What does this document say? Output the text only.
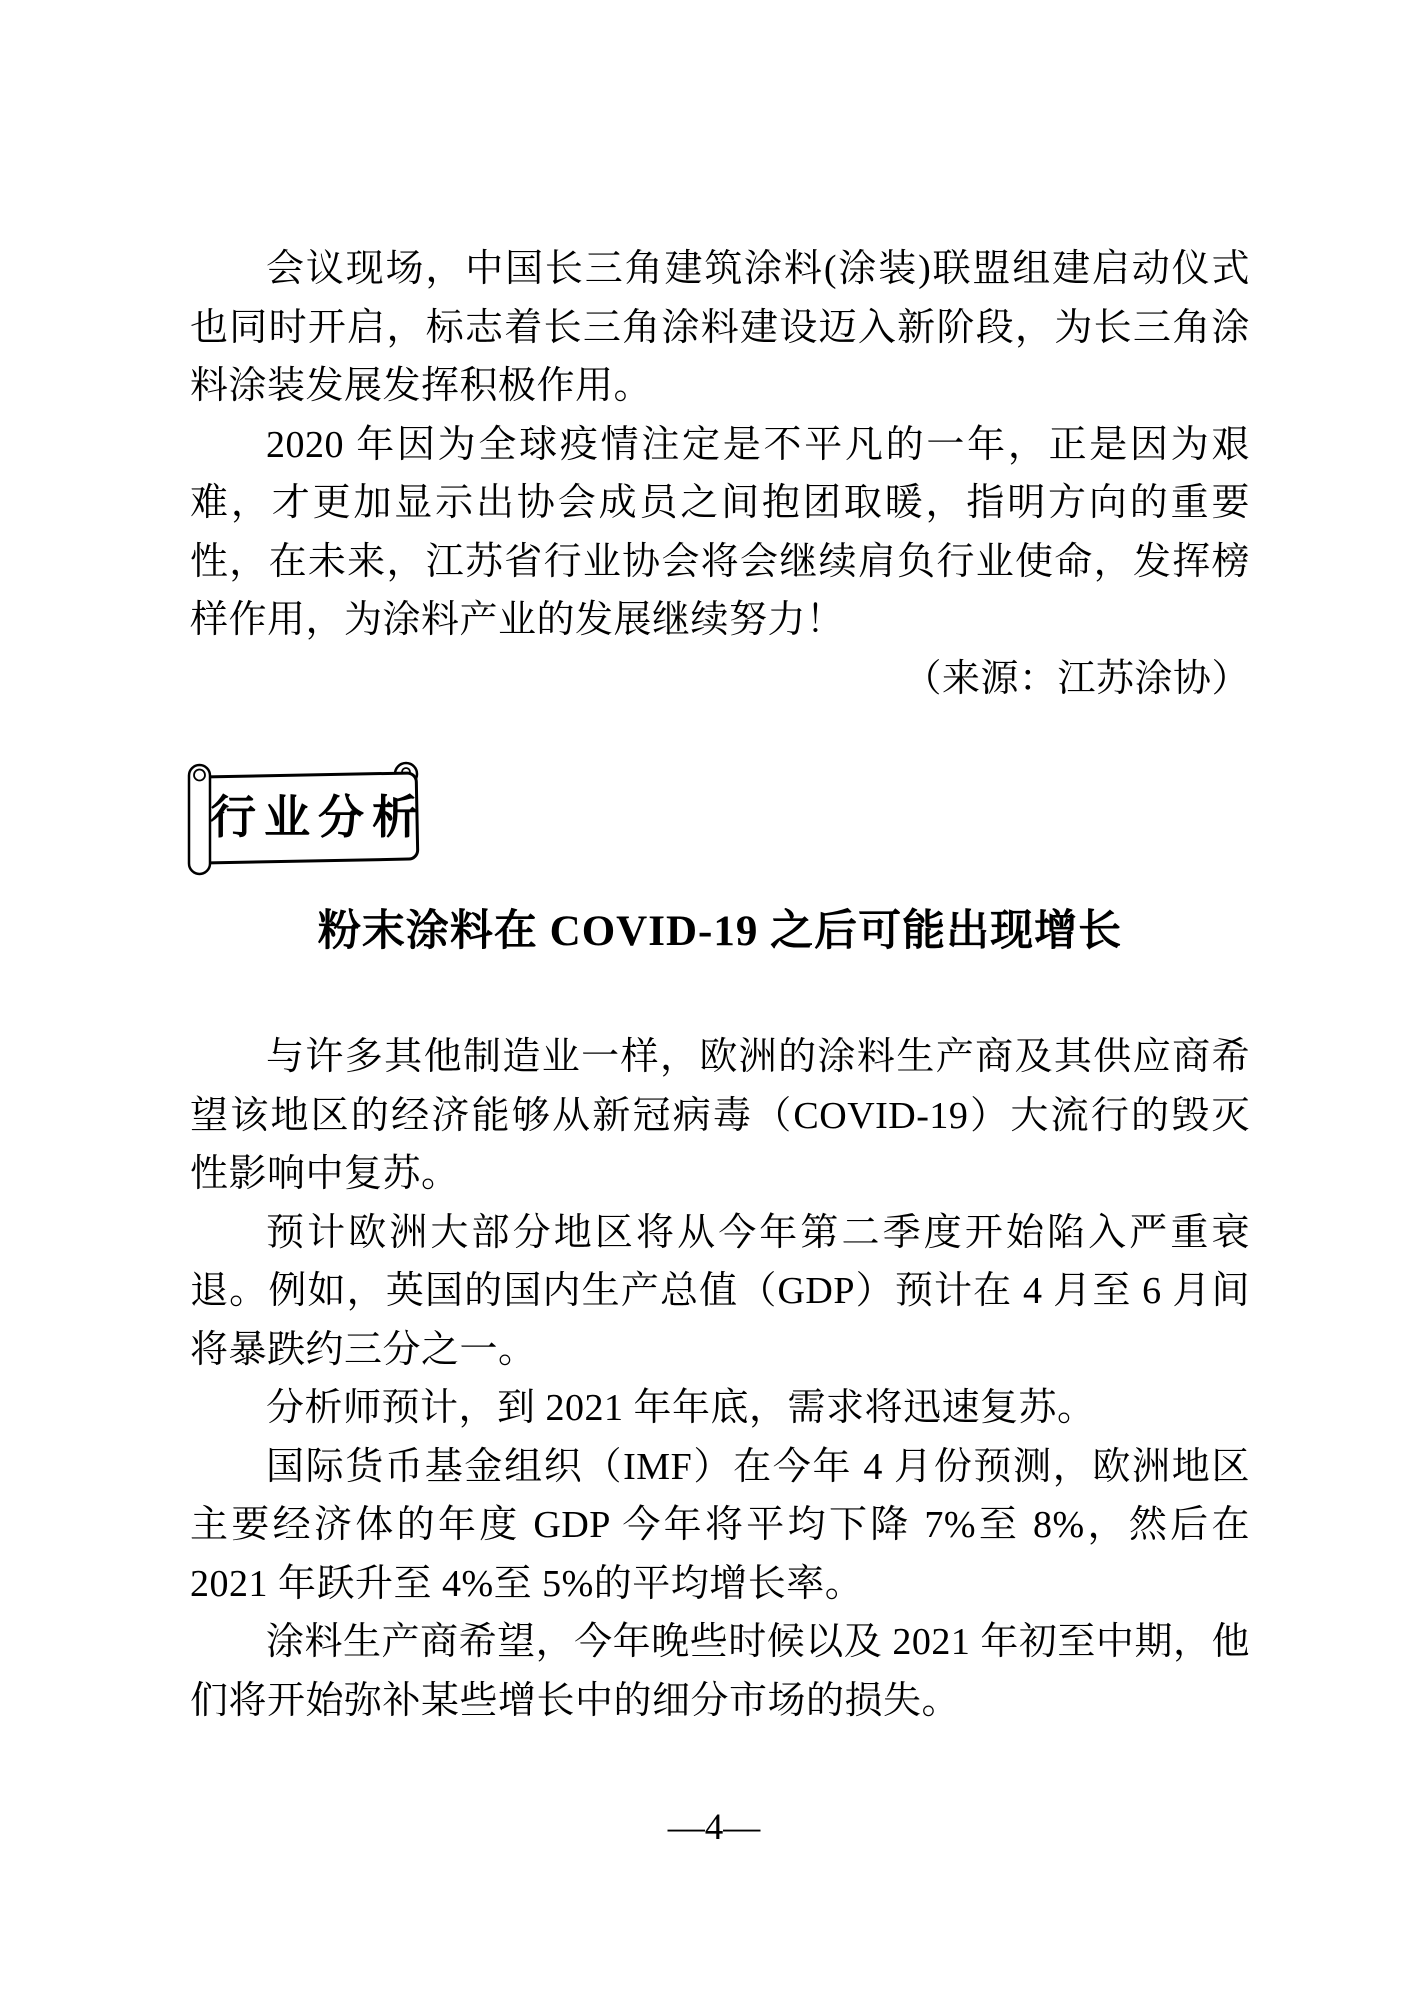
会议现场，中国长三角建筑涂料(涂装)联盟组建启动仪式也同时开启，标志着长三角涂料建设迈入新阶段，为长三角涂料涂装发展发挥积极作用。

2020 年因为全球疫情注定是不平凡的一年，正是因为艰难，才更加显示出协会成员之间抱团取暖，指明方向的重要性，在未来，江苏省行业协会将会继续肩负行业使命，发挥榜样作用，为涂料产业的发展继续努力！

（来源：江苏涂协）

行业分析
粉末涂料在 COVID-19 之后可能出现增长

与许多其他制造业一样，欧洲的涂料生产商及其供应商希望该地区的经济能够从新冠病毒（COVID-19）大流行的毁灭性影响中复苏。

预计欧洲大部分地区将从今年第二季度开始陷入严重衰退。例如，英国的国内生产总值（GDP）预计在 4 月至 6 月间将暴跌约三分之一。

分析师预计，到 2021 年年底，需求将迅速复苏。

国际货币基金组织（IMF）在今年 4 月份预测，欧洲地区主要经济体的年度 GDP 今年将平均下降 7%至 8%，然后在 2021 年跃升至 4%至 5%的平均增长率。

涂料生产商希望，今年晚些时候以及 2021 年初至中期，他们将开始弥补某些增长中的细分市场的损失。

—4—
